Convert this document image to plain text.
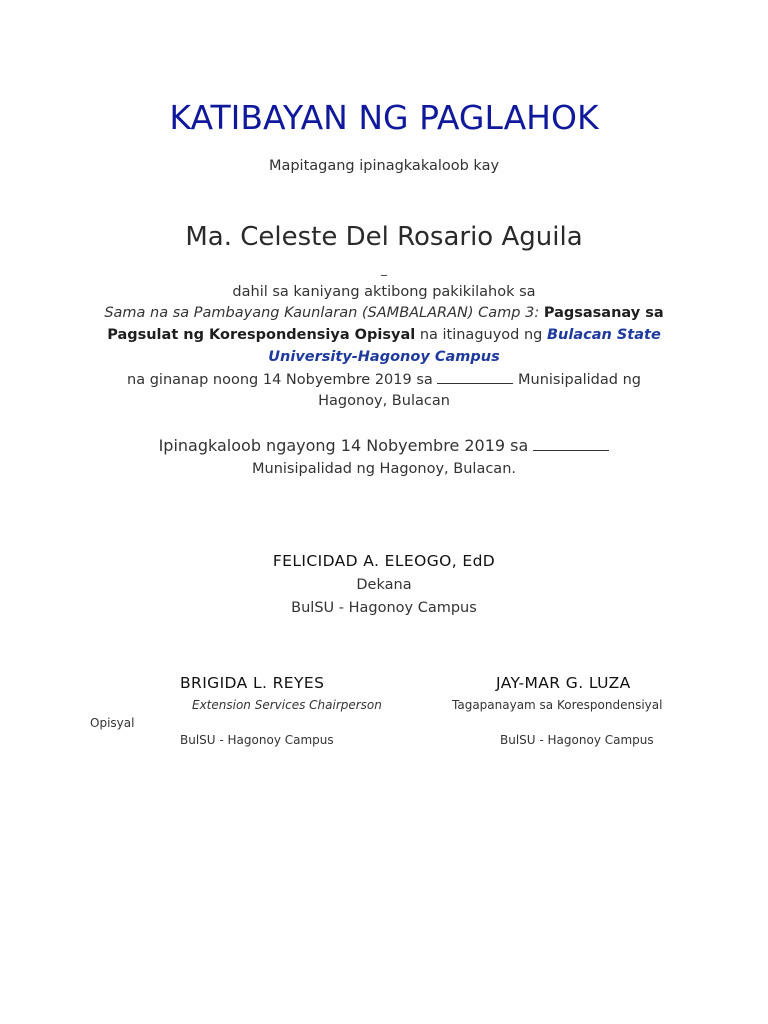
KATIBAYAN NG PAGLAHOK
Mapitagang ipinagkakaloob kay
Ma. Celeste Del Rosario Aguila
_
dahil sa kaniyang aktibong pakikilahok sa
Sama na sa Pambayang Kaunlaran (SAMBALARAN) Camp 3: Pagsasanay sa
Pagsulat ng Korespondensiya Opisyal na itinaguyod ng Bulacan State
University-Hagonoy Campus
na ginanap noong 14 Nobyembre 2019 sa	Munisipalidad ng
Hagonoy, Bulacan
Ipinagkaloob ngayong 14 Nobyembre 2019 sa
Munisipalidad ng Hagonoy, Bulacan.
FELICIDAD A. ELEOGO, EdD
Dekana
BulSU - Hagonoy Campus
BRIGIDA L. REYES
Extension Services Chairperson
BulSU - Hagonoy Campus
JAY-MAR G. LUZA
Tagapanayam sa Korespondensiyal
Opisyal
BulSU - Hagonoy Campus
